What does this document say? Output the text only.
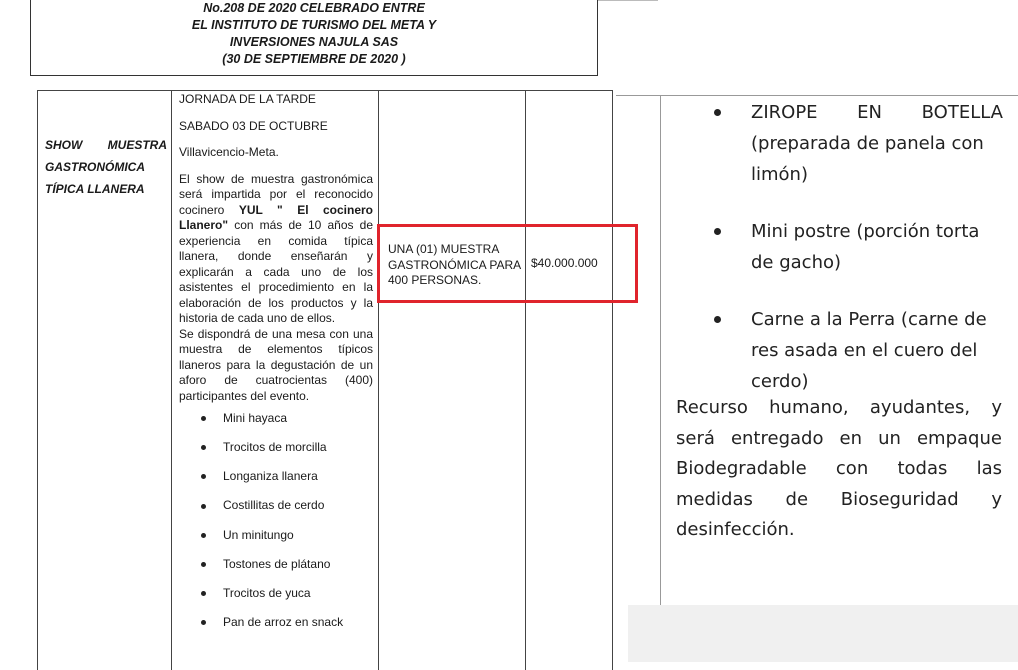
No.208 DE 2020 CELEBRADO ENTRE
EL INSTITUTO DE TURISMO DEL META Y
INVERSIONES NAJULA SAS
(30 DE SEPTIEMBRE DE 2020 )
SHOW MUESTRA
GASTRONÓMICA
TÍPICA LLANERA

JORNADA DE LA TARDE

SABADO 03 DE OCTUBRE

Villavicencio-Meta.

El show de muestra gastronómica será impartida por el reconocido cocinero YUL " El cocinero Llanero" con más de 10 años de experiencia en comida típica llanera, donde enseñarán y explicarán a cada uno de los asistentes el procedimiento en la elaboración de los productos y la historia de cada uno de ellos.

Se dispondrá de una mesa con una muestra de elementos típicos llaneros para la degustación de un aforo de cuatrocientas (400) participantes del evento.

Mini hayaca
Trocitos de morcilla
Longaniza llanera
Costillitas de cerdo
Un minitungo
Tostones de plátano
Trocitos de yuca
Pan de arroz en snack
UNA (01) MUESTRA GASTRONÓMICA PARA 400 PERSONAS.
$40.000.000
ZIROPE EN BOTELLA
(preparada de panela con
limón)
Mini postre (porción torta
de gacho)
Carne a la Perra (carne de
res asada en el cuero del
cerdo)
Recurso humano, ayudantes, y
será entregado en un empaque
Biodegradable con todas las
medidas de Bioseguridad y
desinfección.
